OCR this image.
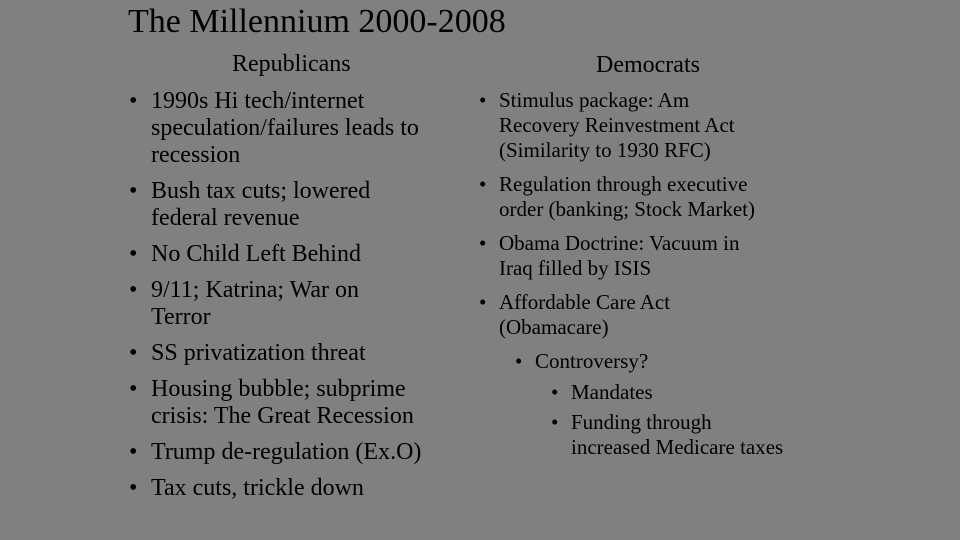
The Millennium 2000-2008
Republicans	Democrats
• 1990s Hi tech/internet
speculation/failures leads to
recession
• Bush tax cuts; lowered
federal revenue
• No Child Left Behind
• 9/11; Katrina; War on
Terror
• SS privatization threat
• Housing bubble; subprime
crisis: The Great Recession
• Trump de-regulation (Ex.O)
• Tax cuts, trickle down
• Stimulus package: Am
Recovery Reinvestment Act
(Similarity to 1930 RFC)
• Regulation through executive
order (banking; Stock Market)
• Obama Doctrine: Vacuum in
Iraq filled by ISIS
• Affordable Care Act
(Obamacare)
• Controversy?
• Mandates
• Funding through
increased Medicare taxes
